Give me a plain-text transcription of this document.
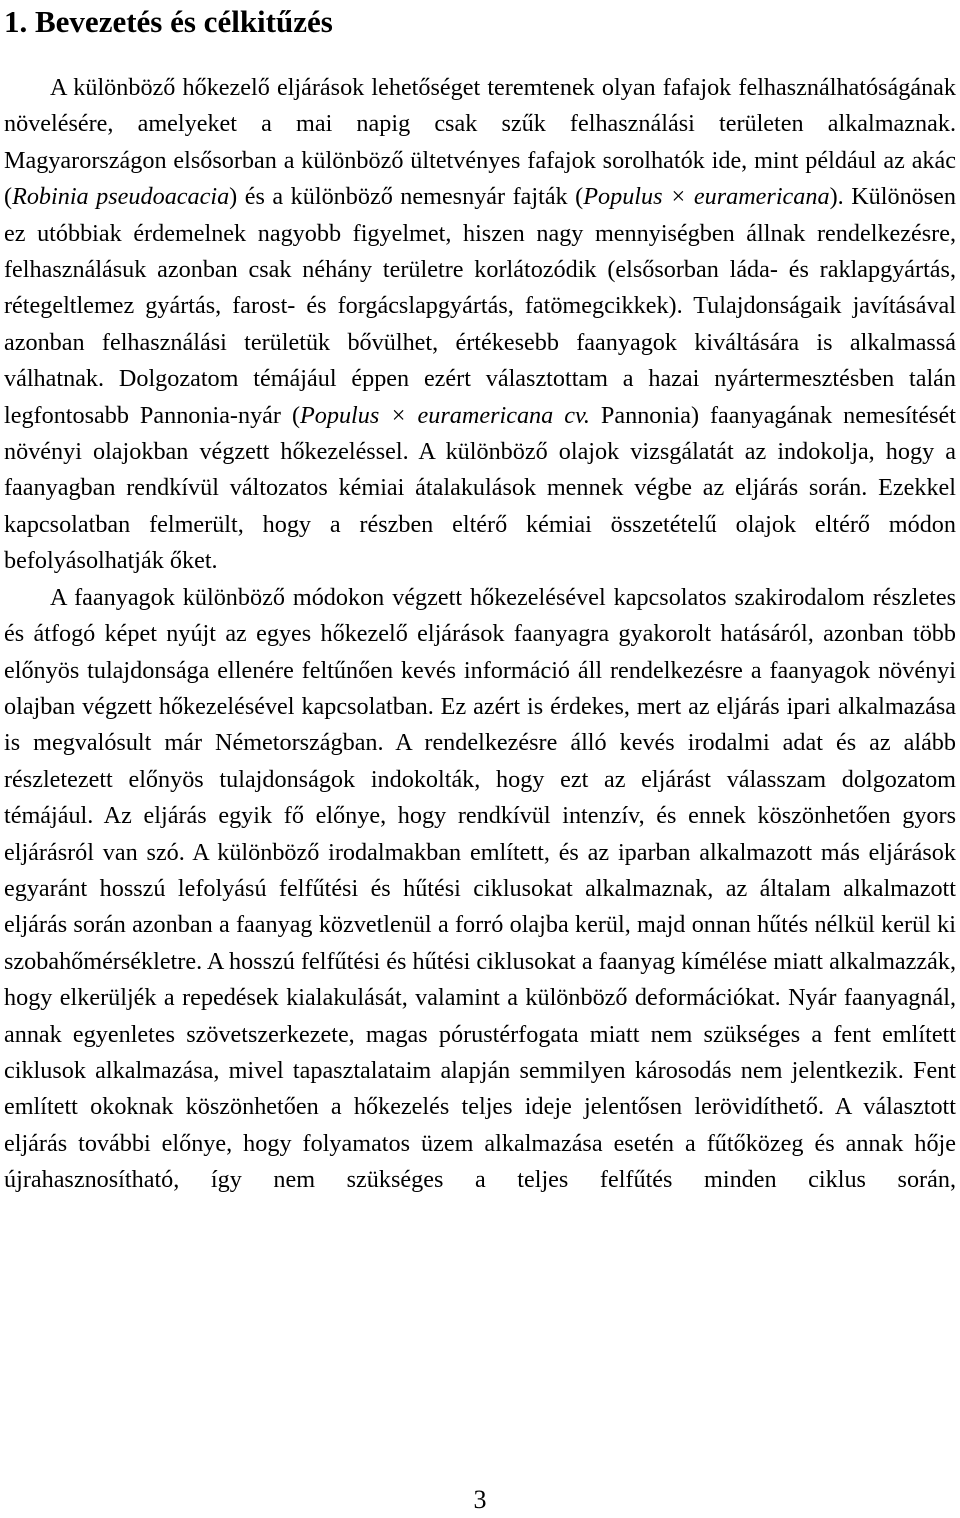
1. Bevezetés és célkitűzés

A különböző hőkezelő eljárások lehetőséget teremtenek olyan fafajok felhasználhatóságának növelésére, amelyeket a mai napig csak szűk felhasználási területen alkalmaznak. Magyarországon elsősorban a különböző ültetvényes fafajok sorolhatók ide, mint például az akác (Robinia pseudoacacia) és a különböző nemesnyár fajták (Populus × euramericana). Különösen ez utóbbiak érdemelnek nagyobb figyelmet, hiszen nagy mennyiségben állnak rendelkezésre, felhasználásuk azonban csak néhány területre korlátozódik (elsősorban láda- és raklapgyártás, rétegeltlemez gyártás, farost- és forgácslapgyártás, fatömegcikkek). Tulajdonságaik javításával azonban felhasználási területük bővülhet, értékesebb faanyagok kiváltására is alkalmassá válhatnak. Dolgozatom témájául éppen ezért választottam a hazai nyártermesztésben talán legfontosabb Pannonia-nyár (Populus × euramericana cv. Pannonia) faanyagának nemesítését növényi olajokban végzett hőkezeléssel. A különböző olajok vizsgálatát az indokolja, hogy a faanyagban rendkívül változatos kémiai átalakulások mennek végbe az eljárás során. Ezekkel kapcsolatban felmerült, hogy a részben eltérő kémiai összetételű olajok eltérő módon befolyásolhatják őket.

A faanyagok különböző módokon végzett hőkezelésével kapcsolatos szakirodalom részletes és átfogó képet nyújt az egyes hőkezelő eljárások faanyagra gyakorolt hatásáról, azonban több előnyös tulajdonsága ellenére feltűnően kevés információ áll rendelkezésre a faanyagok növényi olajban végzett hőkezelésével kapcsolatban. Ez azért is érdekes, mert az eljárás ipari alkalmazása is megvalósult már Németországban. A rendelkezésre álló kevés irodalmi adat és az alább részletezett előnyös tulajdonságok indokolták, hogy ezt az eljárást válasszam dolgozatom témájául. Az eljárás egyik fő előnye, hogy rendkívül intenzív, és ennek köszönhetően gyors eljárásról van szó. A különböző irodalmakban említett, és az iparban alkalmazott más eljárások egyaránt hosszú lefolyású felfűtési és hűtési ciklusokat alkalmaznak, az általam alkalmazott eljárás során azonban a faanyag közvetlenül a forró olajba kerül, majd onnan hűtés nélkül kerül ki szobahőmérsékletre. A hosszú felfűtési és hűtési ciklusokat a faanyag kímélése miatt alkalmazzák, hogy elkerüljék a repedések kialakulását, valamint a különböző deformációkat. Nyár faanyagnál, annak egyenletes szövetszerkezete, magas pórustérfogata miatt nem szükséges a fent említett ciklusok alkalmazása, mivel tapasztalataim alapján semmilyen károsodás nem jelentkezik. Fent említett okoknak köszönhetően a hőkezelés teljes ideje jelentősen lerövidíthető. A választott eljárás további előnye, hogy folyamatos üzem alkalmazása esetén a fűtőközeg és annak hője újrahasznosítható, így nem szükséges a teljes felfűtés minden ciklus során,

3
